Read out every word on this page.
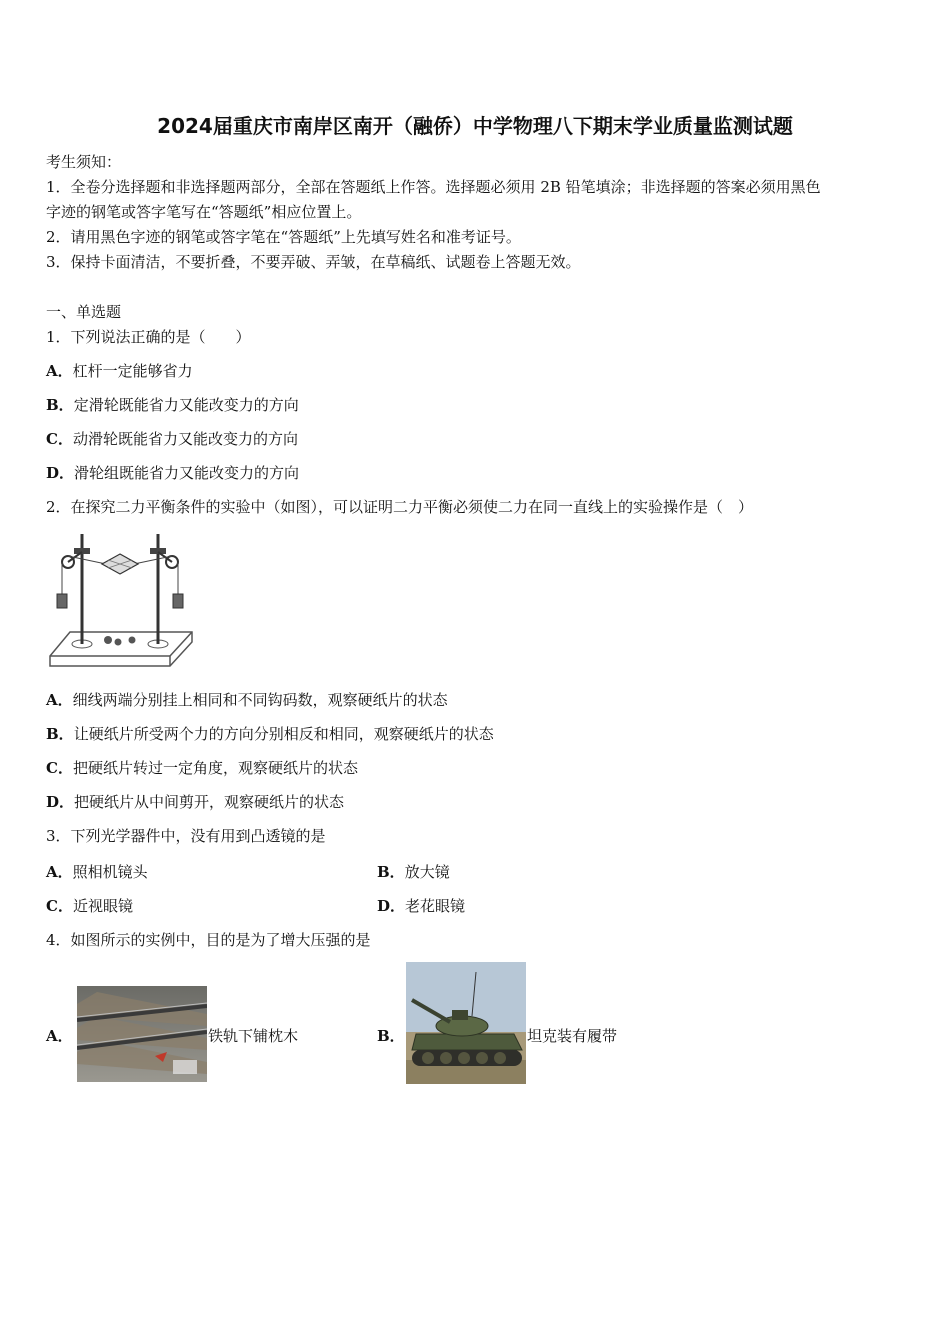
2024届重庆市南岸区南开（融侨）中学物理八下期末学业质量监测试题
考生须知：
1．全卷分选择题和非选择题两部分，全部在答题纸上作答。选择题必须用 2B 铅笔填涂；非选择题的答案必须用黑色
字迹的钢笔或答字笔写在“答题纸”相应位置上。
2．请用黑色字迹的钢笔或答字笔在“答题纸”上先填写姓名和准考证号。
3．保持卡面清洁，不要折叠，不要弄破、弄皱，在草稿纸、试题卷上答题无效。
一、单选题
1．下列说法正确的是（　　）
A．杠杆一定能够省力
B．定滑轮既能省力又能改变力的方向
C．动滑轮既能省力又能改变力的方向
D．滑轮组既能省力又能改变力的方向
2．在探究二力平衡条件的实验中（如图），可以证明二力平衡必须使二力在同一直线上的实验操作是（　）
A．细线两端分别挂上相同和不同钩码数，观察硬纸片的状态
B．让硬纸片所受两个力的方向分别相反和相同，观察硬纸片的状态
C．把硬纸片转过一定角度，观察硬纸片的状态
D．把硬纸片从中间剪开，观察硬纸片的状态
3．下列光学器件中，没有用到凸透镜的是
A．照相机镜头	B．放大镜
C．近视眼镜	D．老花眼镜
4．如图所示的实例中，目的是为了增大压强的是
A．	铁轨下铺枕木	B．	坦克装有履带
